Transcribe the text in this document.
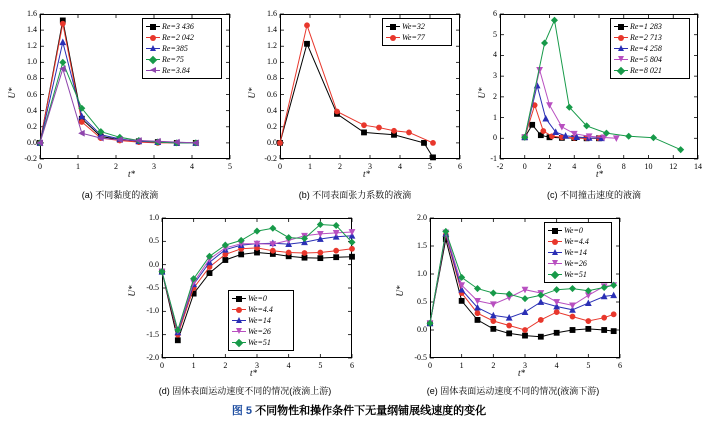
U*
t*
Re=3 436
Re=2 042
Re=385
Re=75
Re=3.84
(a) 不同黏度的液滴
0	1	2	3	4	5
-0.2
0.0
0.2
0.4
0.6
0.8
1.0
1.2
1.4
1.6
U*
t*
We=32
We=77
(b) 不同表面张力系数的液滴
0	1	2	3	4	5	6
-0.2
0.0
0.2
0.4
0.6
0.8
1.0
1.2
1.4
1.6
U*
t*
Re=1 283
Re=2 713
Re=4 258
Re=5 804
Re=8 021
(c) 不同撞击速度的液滴
-2	0	2	4	6	8	10	12	14
-1
0
1
2
3
4
5
6
U*
t*
We=0
We=4.4
We=14
We=26
We=51
(d) 固体表面运动速度不同的情况(液滴上游)
0	1	2	3	4	5	6
-2.0
-1.5
-1.0
-0.5
0.0
0.5
1.0
U*
t*
We=0
We=4.4
We=14
We=26
We=51
(e) 固体表面运动速度不同的情况(液滴下游)
0	1	2	3	4	5	6
-0.5
0.0
0.5
1.0
1.5
2.0
图 5 不同物性和操作条件下无量纲铺展线速度的变化
